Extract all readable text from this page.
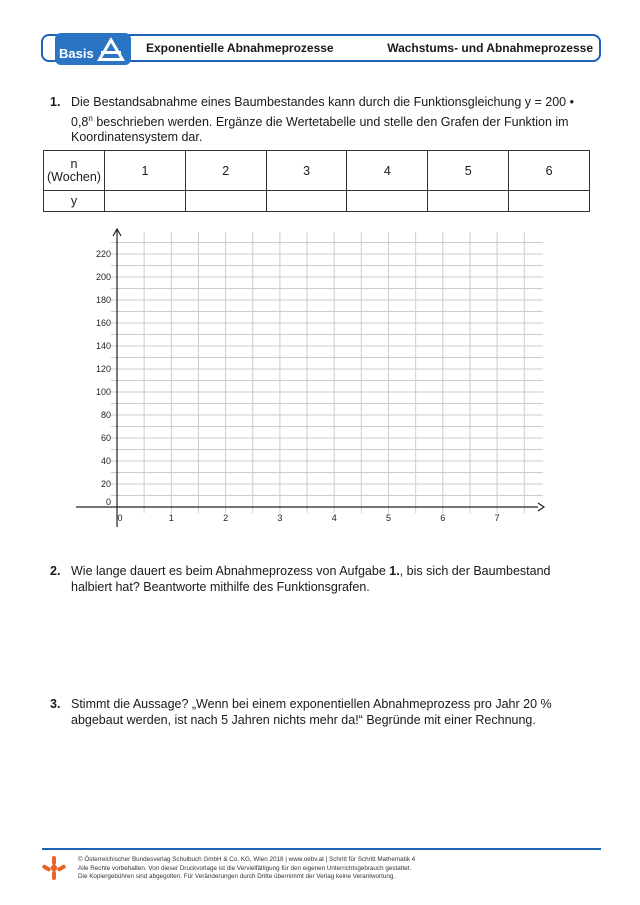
Basis	Exponentielle Abnahmeprozesse	Wachstums- und Abnahmeprozesse
1. Die Bestandsabnahme eines Baumbestandes kann durch die Funktionsgleichung y = 200 •
0,8$^n$ beschrieben werden. Ergänze die Wertetabelle und stelle den Grafen der Funktion im
Koordinatensystem dar.
n
(Wochen)	1	2	3	4	5	6
y						
0	1	2	3	4	5	6	7
0
20
40
60
80
100
120
140
160
180
200
220
2. Wie lange dauert es beim Abnahmeprozess von Aufgabe 1., bis sich der Baumbestand
halbiert hat? Beantworte mithilfe des Funktionsgrafen.
3. Stimmt die Aussage? „Wenn bei einem exponentiellen Abnahmeprozess pro Jahr 20 %
abgebaut werden, ist nach 5 Jahren nichts mehr da!“ Begründe mit einer Rechnung.
© Österreichischer Bundesverlag Schulbuch GmbH & Co. KG, Wien 2018 | www.oebv.at | Schritt für Schritt Mathematik 4
Alle Rechte vorbehalten. Von dieser Druckvorlage ist die Vervielfältigung für den eigenen Unterrichtsgebrauch gestattet.
Die Kopiergebühren sind abgegolten. Für Veränderungen durch Dritte übernimmt der Verlag keine Verantwortung.
